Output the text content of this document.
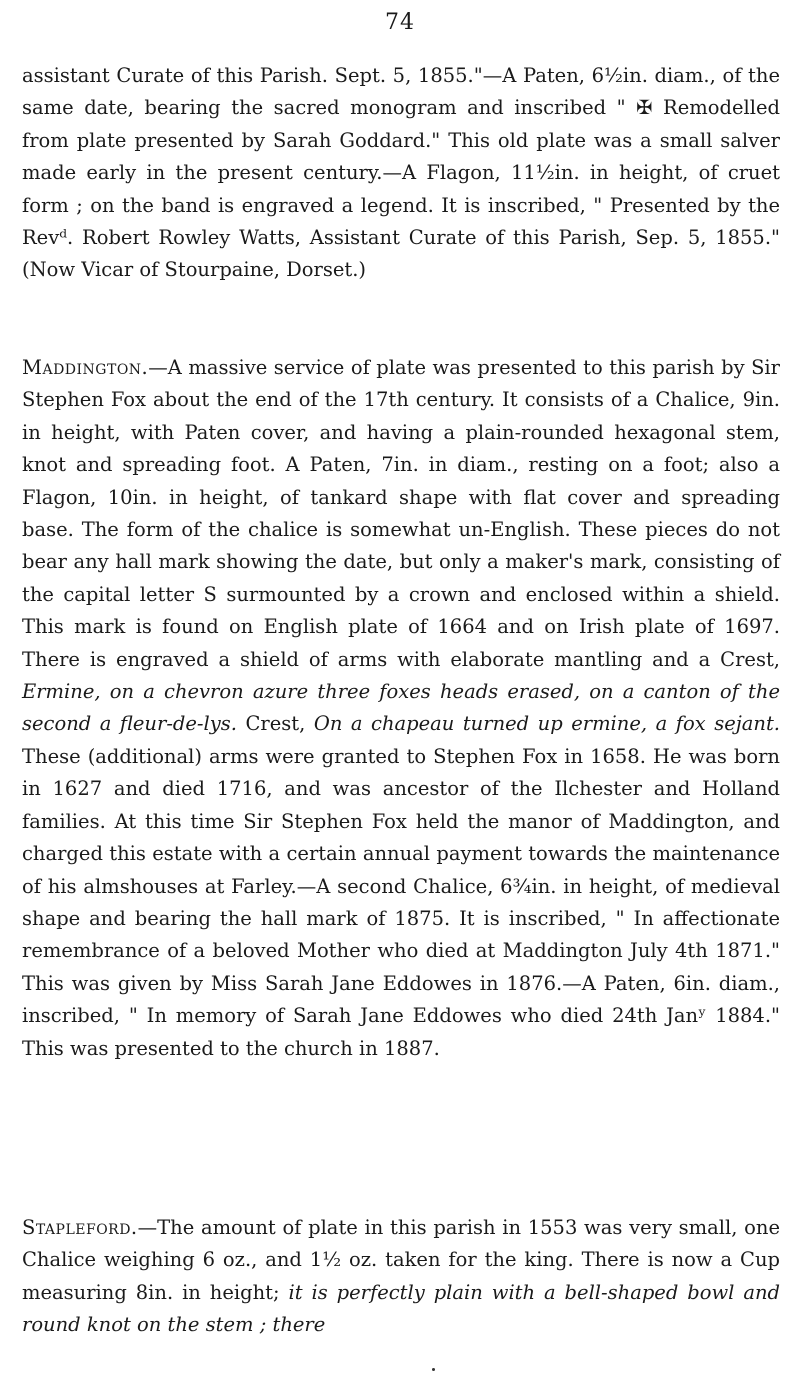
74

assistant Curate of this Parish. Sept. 5, 1855."—A Paten, 6½in. diam., of the same date, bearing the sacred monogram and inscribed " ✠ Remodelled from plate presented by Sarah Goddard." This old plate was a small salver made early in the present century.—A Flagon, 11½in. in height, of cruet form ; on the band is engraved a legend. It is inscribed, " Presented by the Revᵈ. Robert Rowley Watts, Assistant Curate of this Parish, Sep. 5, 1855." (Now Vicar of Stourpaine, Dorset.)

Maddington.—A massive service of plate was presented to this parish by Sir Stephen Fox about the end of the 17th century. It consists of a Chalice, 9in. in height, with Paten cover, and having a plain-rounded hexagonal stem, knot and spreading foot. A Paten, 7in. in diam., resting on a foot; also a Flagon, 10in. in height, of tankard shape with flat cover and spreading base. The form of the chalice is somewhat un-English. These pieces do not bear any hall mark showing the date, but only a maker's mark, consisting of the capital letter S surmounted by a crown and enclosed within a shield. This mark is found on English plate of 1664 and on Irish plate of 1697. There is engraved a shield of arms with elaborate mantling and a Crest, Ermine, on a chevron azure three foxes heads erased, on a canton of the second a fleur-de-lys. Crest, On a chapeau turned up ermine, a fox sejant. These (additional) arms were granted to Stephen Fox in 1658. He was born in 1627 and died 1716, and was ancestor of the Ilchester and Holland families. At this time Sir Stephen Fox held the manor of Maddington, and charged this estate with a certain annual payment towards the maintenance of his almshouses at Farley.—A second Chalice, 6¾in. in height, of medieval shape and bearing the hall mark of 1875. It is inscribed, " In affectionate remembrance of a beloved Mother who died at Maddington July 4th 1871." This was given by Miss Sarah Jane Eddowes in 1876.—A Paten, 6in. diam., inscribed, " In memory of Sarah Jane Eddowes who died 24th Janʸ 1884." This was presented to the church in 1887.

Stapleford.—The amount of plate in this parish in 1553 was very small, one Chalice weighing 6 oz., and 1½ oz. taken for the king. There is now a Cup measuring 8in. in height; it is perfectly plain with a bell-shaped bowl and round knot on the stem ; there
